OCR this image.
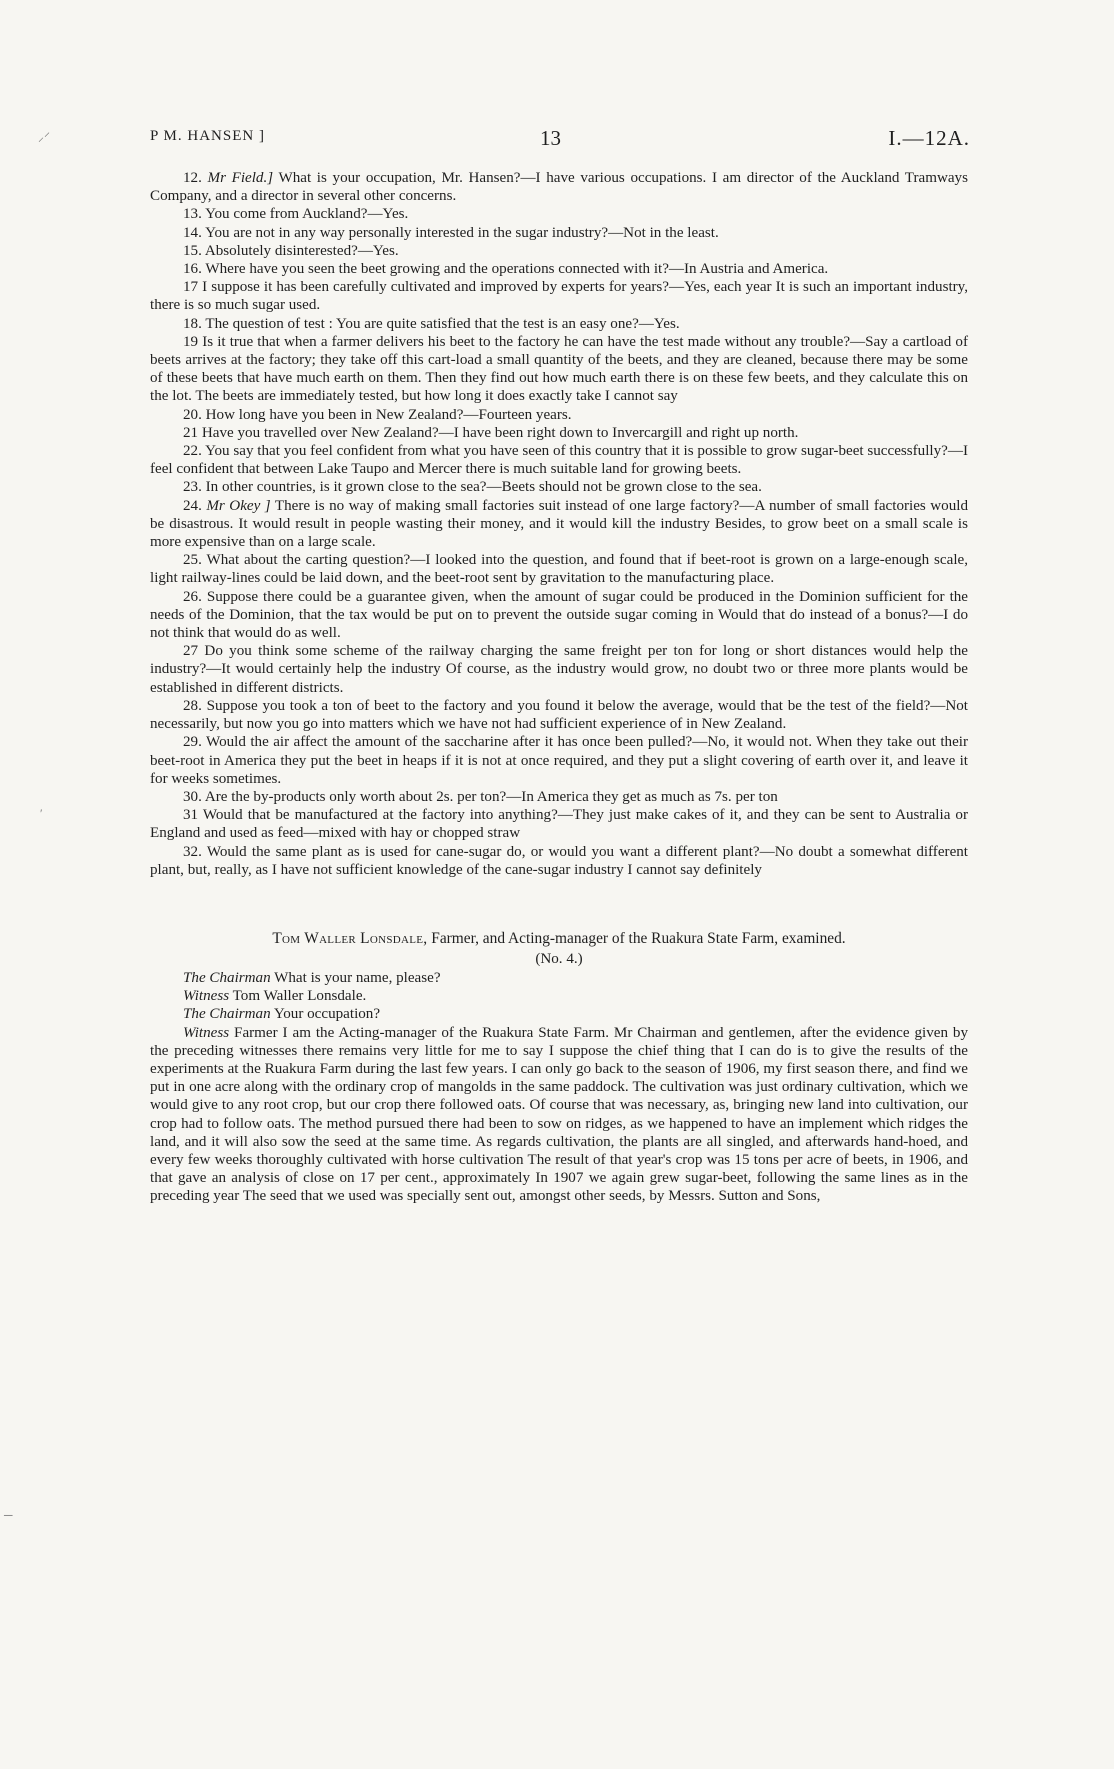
⸝⸍
′
─
P M. HANSEN ]	13	I.—12A.

12. Mr Field.] What is your occupation, Mr. Hansen?—I have various occupations. I am director of the Auckland Tramways Company, and a director in several other concerns.

13. You come from Auckland?—Yes.

14. You are not in any way personally interested in the sugar industry?—Not in the least.

15. Absolutely disinterested?—Yes.

16. Where have you seen the beet growing and the operations connected with it?—In Austria and America.

17 I suppose it has been carefully cultivated and improved by experts for years?—Yes, each year It is such an important industry, there is so much sugar used.

18. The question of test : You are quite satisfied that the test is an easy one?—Yes.

19 Is it true that when a farmer delivers his beet to the factory he can have the test made without any trouble?—Say a cartload of beets arrives at the factory; they take off this cart-load a small quantity of the beets, and they are cleaned, because there may be some of these beets that have much earth on them. Then they find out how much earth there is on these few beets, and they calculate this on the lot. The beets are immediately tested, but how long it does exactly take I cannot say

20. How long have you been in New Zealand?—Fourteen years.

21 Have you travelled over New Zealand?—I have been right down to Invercargill and right up north.

22. You say that you feel confident from what you have seen of this country that it is possible to grow sugar-beet successfully?—I feel confident that between Lake Taupo and Mercer there is much suitable land for growing beets.

23. In other countries, is it grown close to the sea?—Beets should not be grown close to the sea.

24. Mr Okey ] There is no way of making small factories suit instead of one large factory?—A number of small factories would be disastrous. It would result in people wasting their money, and it would kill the industry Besides, to grow beet on a small scale is more expensive than on a large scale.

25. What about the carting question?—I looked into the question, and found that if beet-root is grown on a large-enough scale, light railway-lines could be laid down, and the beet-root sent by gravitation to the manufacturing place.

26. Suppose there could be a guarantee given, when the amount of sugar could be produced in the Dominion sufficient for the needs of the Dominion, that the tax would be put on to prevent the outside sugar coming in Would that do instead of a bonus?—I do not think that would do as well.

27 Do you think some scheme of the railway charging the same freight per ton for long or short distances would help the industry?—It would certainly help the industry Of course, as the industry would grow, no doubt two or three more plants would be established in different districts.

28. Suppose you took a ton of beet to the factory and you found it below the average, would that be the test of the field?—Not necessarily, but now you go into matters which we have not had sufficient experience of in New Zealand.

29. Would the air affect the amount of the saccharine after it has once been pulled?—No, it would not. When they take out their beet-root in America they put the beet in heaps if it is not at once required, and they put a slight covering of earth over it, and leave it for weeks sometimes.

30. Are the by-products only worth about 2s. per ton?—In America they get as much as 7s. per ton

31 Would that be manufactured at the factory into anything?—They just make cakes of it, and they can be sent to Australia or England and used as feed—mixed with hay or chopped straw

32. Would the same plant as is used for cane-sugar do, or would you want a different plant?—No doubt a somewhat different plant, but, really, as I have not sufficient knowledge of the cane-sugar industry I cannot say definitely

Tom Waller Lonsdale, Farmer, and Acting-manager of the Ruakura State Farm, examined.

(No. 4.)

The Chairman What is your name, please?

Witness Tom Waller Lonsdale.

The Chairman Your occupation?

Witness Farmer I am the Acting-manager of the Ruakura State Farm. Mr Chairman and gentlemen, after the evidence given by the preceding witnesses there remains very little for me to say I suppose the chief thing that I can do is to give the results of the experiments at the Ruakura Farm during the last few years. I can only go back to the season of 1906, my first season there, and find we put in one acre along with the ordinary crop of mangolds in the same paddock. The cultivation was just ordinary cultivation, which we would give to any root crop, but our crop there followed oats. Of course that was necessary, as, bringing new land into cultivation, our crop had to follow oats. The method pursued there had been to sow on ridges, as we happened to have an implement which ridges the land, and it will also sow the seed at the same time. As regards cultivation, the plants are all singled, and afterwards hand-hoed, and every few weeks thoroughly cultivated with horse cultivation The result of that year's crop was 15 tons per acre of beets, in 1906, and that gave an analysis of close on 17 per cent., approximately In 1907 we again grew sugar-beet, following the same lines as in the preceding year The seed that we used was specially sent out, amongst other seeds, by Messrs. Sutton and Sons,
